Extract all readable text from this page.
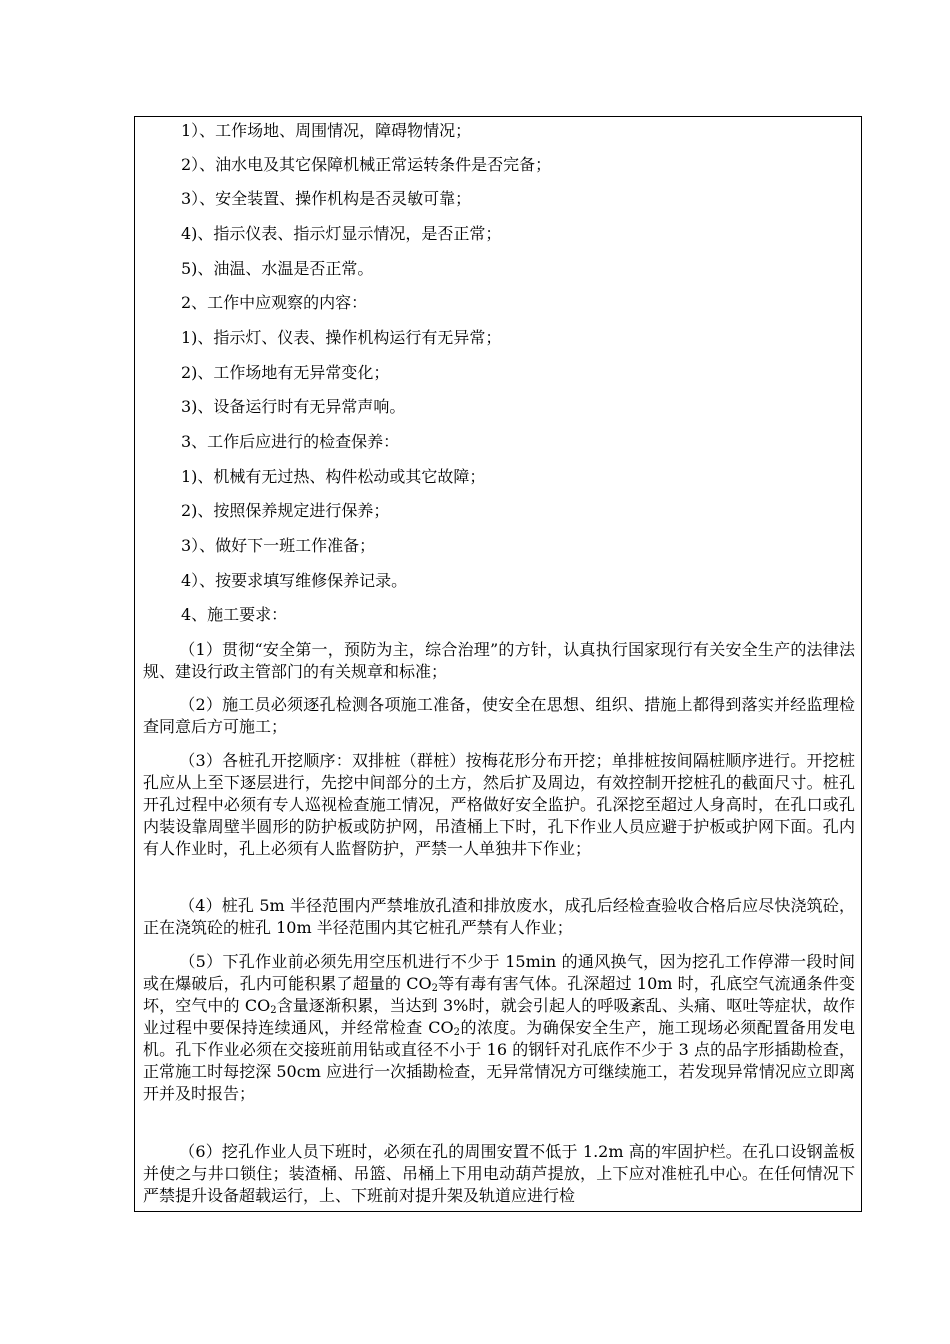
1）、工作场地、周围情况，障碍物情况；
2）、油水电及其它保障机械正常运转条件是否完备；
3）、安全装置、操作机构是否灵敏可靠；
4)、指示仪表、指示灯显示情况，是否正常；
5)、油温、水温是否正常。
2、工作中应观察的内容：
1)、指示灯、仪表、操作机构运行有无异常；
2)、工作场地有无异常变化；
3)、设备运行时有无异常声响。
3、工作后应进行的检查保养：
1)、机械有无过热、构件松动或其它故障；
2)、按照保养规定进行保养；
3）、做好下一班工作准备；
4）、按要求填写维修保养记录。
4、施工要求：
（1）贯彻“安全第一，预防为主，综合治理”的方针，认真执行国家现行有关安全生产的法律法规、建设行政主管部门的有关规章和标准；
（2）施工员必须逐孔检测各项施工准备，使安全在思想、组织、措施上都得到落实并经监理检查同意后方可施工；
（3）各桩孔开挖顺序：双排桩（群桩）按梅花形分布开挖；单排桩按间隔桩顺序进行。开挖桩孔应从上至下逐层进行，先挖中间部分的土方，然后扩及周边，有效控制开挖桩孔的截面尺寸。桩孔开孔过程中必须有专人巡视检查施工情况，严格做好安全监护。孔深挖至超过人身高时，在孔口或孔内装设靠周壁半圆形的防护板或防护网，吊渣桶上下时，孔下作业人员应避于护板或护网下面。孔内有人作业时，孔上必须有人监督防护，严禁一人单独井下作业；
（4）桩孔 5m 半径范围内严禁堆放孔渣和排放废水，成孔后经检查验收合格后应尽快浇筑砼，正在浇筑砼的桩孔 10m 半径范围内其它桩孔严禁有人作业；
（5）下孔作业前必须先用空压机进行不少于 15min 的通风换气，因为挖孔工作停滞一段时间或在爆破后，孔内可能积累了超量的 $CO_2$等有毒有害气体。孔深超过 10m 时，孔底空气流通条件变坏，空气中的 $CO_2$含量逐渐积累，当达到 3%时，就会引起人的呼吸紊乱、头痛、呕吐等症状，故作业过程中要保持连续通风，并经常检查 $CO_2$的浓度。为确保安全生产，施工现场必须配置备用发电机。孔下作业必须在交接班前用钻或直径不小于 16 的钢钎对孔底作不少于 3 点的品字形插勘检查，正常施工时每挖深 50cm 应进行一次插勘检查，无异常情况方可继续施工，若发现异常情况应立即离开并及时报告；
（6）挖孔作业人员下班时，必须在孔的周围安置不低于 1.2m 高的牢固护栏。在孔口设钢盖板并使之与井口锁住；装渣桶、吊篮、吊桶上下用电动葫芦提放，上下应对准桩孔中心。在任何情况下严禁提升设备超载运行，上、下班前对提升架及轨道应进行检
